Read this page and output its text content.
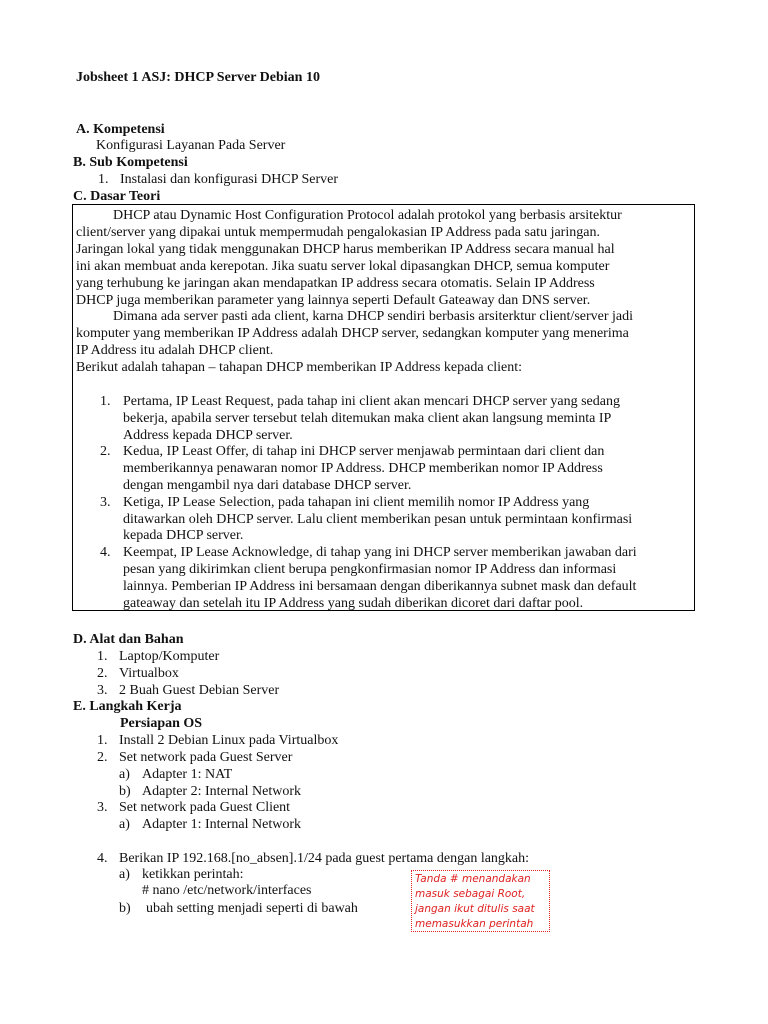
Jobsheet 1 ASJ: DHCP Server Debian 10
A. Kompetensi
Konfigurasi Layanan Pada Server
B. Sub Kompetensi
1. Instalasi dan konfigurasi DHCP Server
C. Dasar Teori
DHCP atau Dynamic Host Configuration Protocol adalah protokol yang berbasis arsitektur
client/server yang dipakai untuk mempermudah pengalokasian IP Address pada satu jaringan.
Jaringan lokal yang tidak menggunakan DHCP harus memberikan IP Address secara manual hal
ini akan membuat anda kerepotan. Jika suatu server lokal dipasangkan DHCP, semua komputer
yang terhubung ke jaringan akan mendapatkan IP address secara otomatis. Selain IP Address
DHCP juga memberikan parameter yang lainnya seperti Default Gateaway dan DNS server.
Dimana ada server pasti ada client, karna DHCP sendiri berbasis arsiterktur client/server jadi
komputer yang memberikan IP Address adalah DHCP server, sedangkan komputer yang menerima
IP Address itu adalah DHCP client.
Berikut adalah tahapan – tahapan DHCP memberikan IP Address kepada client:
1. Pertama, IP Least Request, pada tahap ini client akan mencari DHCP server yang sedang
bekerja, apabila server tersebut telah ditemukan maka client akan langsung meminta IP
Address kepada DHCP server.
2. Kedua, IP Least Offer, di tahap ini DHCP server menjawab permintaan dari client dan
memberikannya penawaran nomor IP Address. DHCP memberikan nomor IP Address
dengan mengambil nya dari database DHCP server.
3. Ketiga, IP Lease Selection, pada tahapan ini client memilih nomor IP Address yang
ditawarkan oleh DHCP server. Lalu client memberikan pesan untuk permintaan konfirmasi
kepada DHCP server.
4. Keempat, IP Lease Acknowledge, di tahap yang ini DHCP server memberikan jawaban dari
pesan yang dikirimkan client berupa pengkonfirmasian nomor IP Address dan informasi
lainnya. Pemberian IP Address ini bersamaan dengan diberikannya subnet mask dan default
gateaway dan setelah itu IP Address yang sudah diberikan dicoret dari daftar pool.
D. Alat dan Bahan
1. Laptop/Komputer
2. Virtualbox
3. 2 Buah Guest Debian Server
E. Langkah Kerja
Persiapan OS
1. Install 2 Debian Linux pada Virtualbox
2. Set network pada Guest Server
a) Adapter 1: NAT
b) Adapter 2: Internal Network
3. Set network pada Guest Client
a) Adapter 1: Internal Network
4. Berikan IP 192.168.[no_absen].1/24 pada guest pertama dengan langkah:
a) ketikkan perintah:
# nano /etc/network/interfaces
b) ubah setting menjadi seperti di bawah
Tanda # menandakan
masuk sebagai Root,
jangan ikut ditulis saat
memasukkan perintah
